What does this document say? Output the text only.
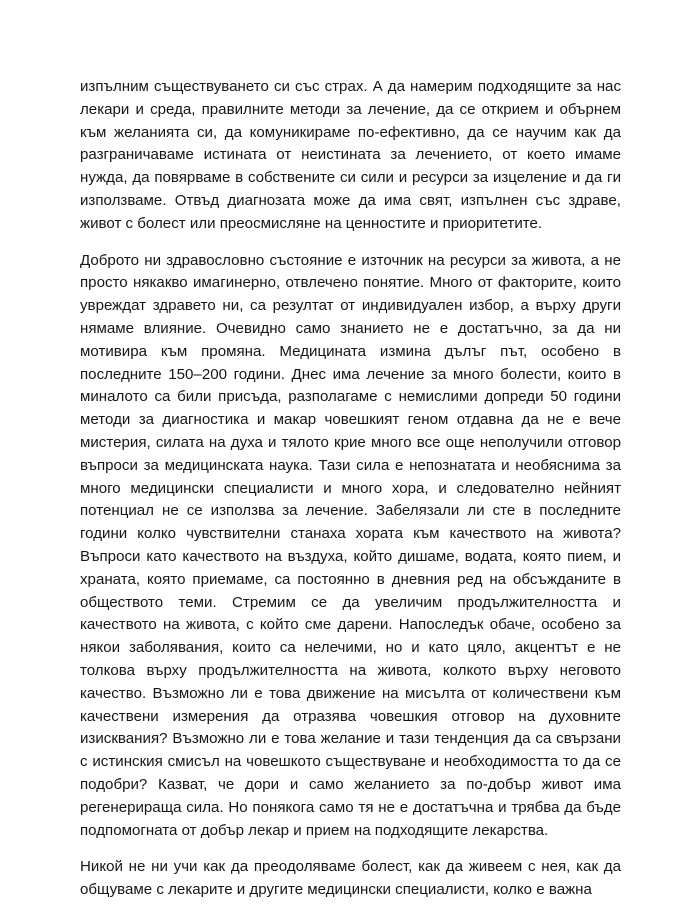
изпълним съществуването си със страх. А да намерим подходящите за нас лекари и среда, правилните методи за лечение, да се открием и обърнем към желанията си, да комуникираме по-ефективно, да се научим как да разграничаваме истината от неистината за лечението, от което имаме нужда, да повярваме в собствените си сили и ресурси за изцеление и да ги използваме. Отвъд диагнозата може да има свят, изпълнен със здраве, живот с болест или преосмисляне на ценностите и приоритетите.

Доброто ни здравословно състояние е източник на ресурси за живота, а не просто някакво имагинерно, отвлечено понятие. Много от факторите, които увреждат здравето ни, са резултат от индивидуален избор, а върху други нямаме влияние. Очевидно само знанието не е достатъчно, за да ни мотивира към промяна. Медицината измина дълъг път, особено в последните 150–200 години. Днес има лечение за много болести, които в миналото са били присъда, разполагаме с немислими допреди 50 години методи за диагностика и макар човешкият геном отдавна да не е вече мистерия, силата на духа и тялото крие много все още неполучили отговор въпроси за медицинската наука. Тази сила е непознатата и необяснима за много медицински специалисти и много хора, и следователно нейният потенциал не се използва за лечение. Забелязали ли сте в последните години колко чувствителни станаха хората към качеството на живота? Въпроси като качеството на въздуха, който дишаме, водата, която пием, и храната, която приемаме, са постоянно в дневния ред на обсъжданите в обществото теми. Стремим се да увеличим продължителността и качеството на живота, с който сме дарени. Напоследък обаче, особено за някои заболявания, които са нелечими, но и като цяло, акцентът е не толкова върху продължителността на живота, колкото върху неговото качество. Възможно ли е това движение на мисълта от количествени към качествени измерения да отразява човешкия отговор на духовните изисквания? Възможно ли е това желание и тази тенденция да са свързани с истинския смисъл на човешкото съществуване и необходимостта то да се подобри? Казват, че дори и само желанието за по-добър живот има регенерираща сила. Но понякога само тя не е достатъчна и трябва да бъде подпомогната от добър лекар и прием на подходящите лекарства.

Никой не ни учи как да преодоляваме болест, как да живеем с нея, как да общуваме с лекарите и другите медицински специалисти, колко е важна
